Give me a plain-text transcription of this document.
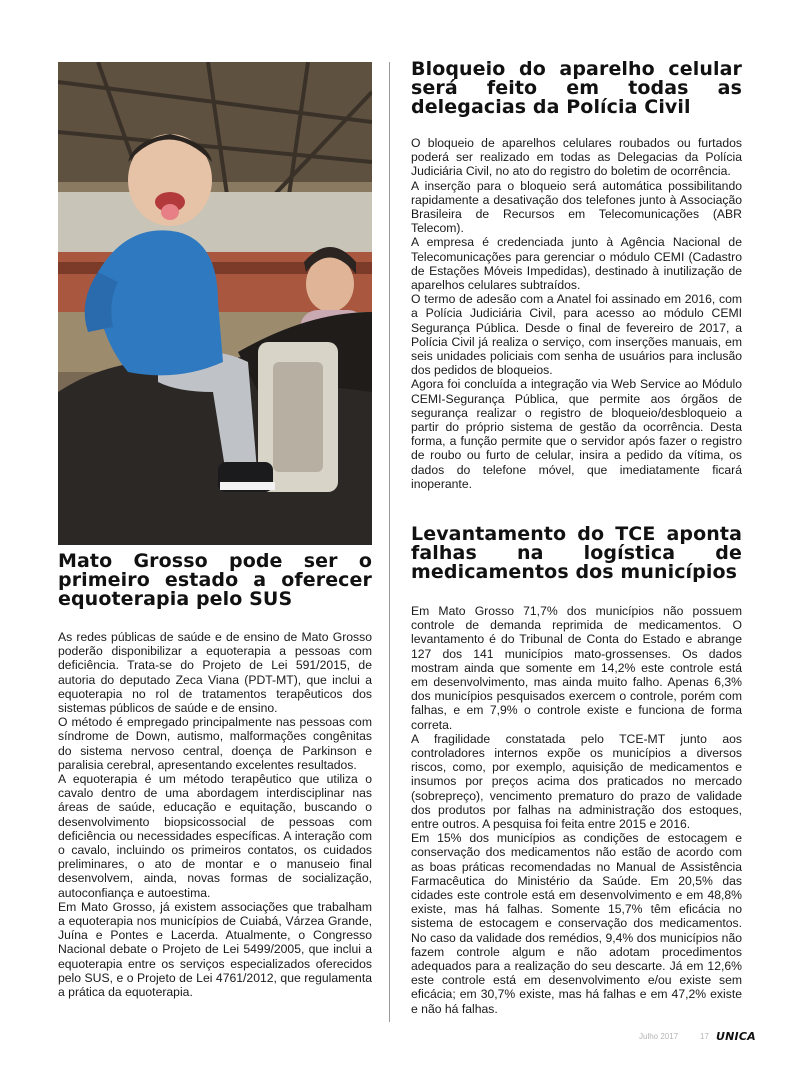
Mato Grosso pode ser o primeiro estado a oferecer equoterapia pelo SUS

As redes públicas de saúde e de ensino de Mato Grosso poderão disponibilizar a equoterapia a pessoas com deficiência. Trata-se do Projeto de Lei 591/2015, de autoria do deputado Zeca Viana (PDT-MT), que inclui a equoterapia no rol de tratamentos terapêuticos dos sistemas públicos de saúde e de ensino.

O método é empregado principalmente nas pessoas com síndrome de Down, autismo, malformações congênitas do sistema nervoso central, doença de Parkinson e paralisia cerebral, apresentando excelentes resultados.

A equoterapia é um método terapêutico que utiliza o cavalo dentro de uma abordagem interdisciplinar nas áreas de saúde, educação e equitação, buscando o desenvolvimento biopsicossocial de pessoas com deficiência ou necessidades específicas. A interação com o cavalo, incluindo os primeiros contatos, os cuidados preliminares, o ato de montar e o manuseio final desenvolvem, ainda, novas formas de socialização, autoconfiança e autoestima.

Em Mato Grosso, já existem associações que trabalham a equoterapia nos municípios de Cuiabá, Várzea Grande, Juína e Pontes e Lacerda. Atualmente, o Congresso Nacional debate o Projeto de Lei 5499/2005, que inclui a equoterapia entre os serviços especializados oferecidos pelo SUS, e o Projeto de Lei 4761/2012, que regulamenta a prática da equoterapia.

Bloqueio do aparelho celular será feito em todas as delegacias da Polícia Civil

O bloqueio de aparelhos celulares roubados ou furtados poderá ser realizado em todas as Delegacias da Polícia Judiciária Civil, no ato do registro do boletim de ocorrência.

A inserção para o bloqueio será automática possibilitando rapidamente a desativação dos telefones junto à Associação Brasileira de Recursos em Telecomunicações (ABR Telecom).

A empresa é credenciada junto à Agência Nacional de Telecomunicações para gerenciar o módulo CEMI (Cadastro de Estações Móveis Impedidas), destinado à inutilização de aparelhos celulares subtraídos.

O termo de adesão com a Anatel foi assinado em 2016, com a Polícia Judiciária Civil, para acesso ao módulo CEMI Segurança Pública. Desde o final de fevereiro de 2017, a Polícia Civil já realiza o serviço, com inserções manuais, em seis unidades policiais com senha de usuários para inclusão dos pedidos de bloqueios.

Agora foi concluída a integração via Web Service ao Módulo CEMI-Segurança Pública, que permite aos órgãos de segurança realizar o registro de bloqueio/desbloqueio a partir do próprio sistema de gestão da ocorrência. Desta forma, a função permite que o servidor após fazer o registro de roubo ou furto de celular, insira a pedido da vítima, os dados do telefone móvel, que imediatamente ficará inoperante.

Levantamento do TCE aponta falhas na logística de medicamentos dos municípios

Em Mato Grosso 71,7% dos municípios não possuem controle de demanda reprimida de medicamentos. O levantamento é do Tribunal de Conta do Estado e abrange 127 dos 141 municípios mato-grossenses. Os dados mostram ainda que somente em 14,2% este controle está em desenvolvimento, mas ainda muito falho. Apenas 6,3% dos municípios pesquisados exercem o controle, porém com falhas, e em 7,9% o controle existe e funciona de forma correta.

A fragilidade constatada pelo TCE-MT junto aos controladores internos expõe os municípios a diversos riscos, como, por exemplo, aquisição de medicamentos e insumos por preços acima dos praticados no mercado (sobrepreço), vencimento prematuro do prazo de validade dos produtos por falhas na administração dos estoques, entre outros. A pesquisa foi feita entre 2015 e 2016.

Em 15% dos municípios as condições de estocagem e conservação dos medicamentos não estão de acordo com as boas práticas recomendadas no Manual de Assistência Farmacêutica do Ministério da Saúde. Em 20,5% das cidades este controle está em desenvolvimento e em 48,8% existe, mas há falhas. Somente 15,7% têm eficácia no sistema de estocagem e conservação dos medicamentos. No caso da validade dos remédios, 9,4% dos municípios não fazem controle algum e não adotam procedimentos adequados para a realização do seu descarte. Já em 12,6% este controle está em desenvolvimento e/ou existe sem eficácia; em 30,7% existe, mas há falhas e em 47,2% existe e não há falhas.

Julho 2017	17 UNICA
